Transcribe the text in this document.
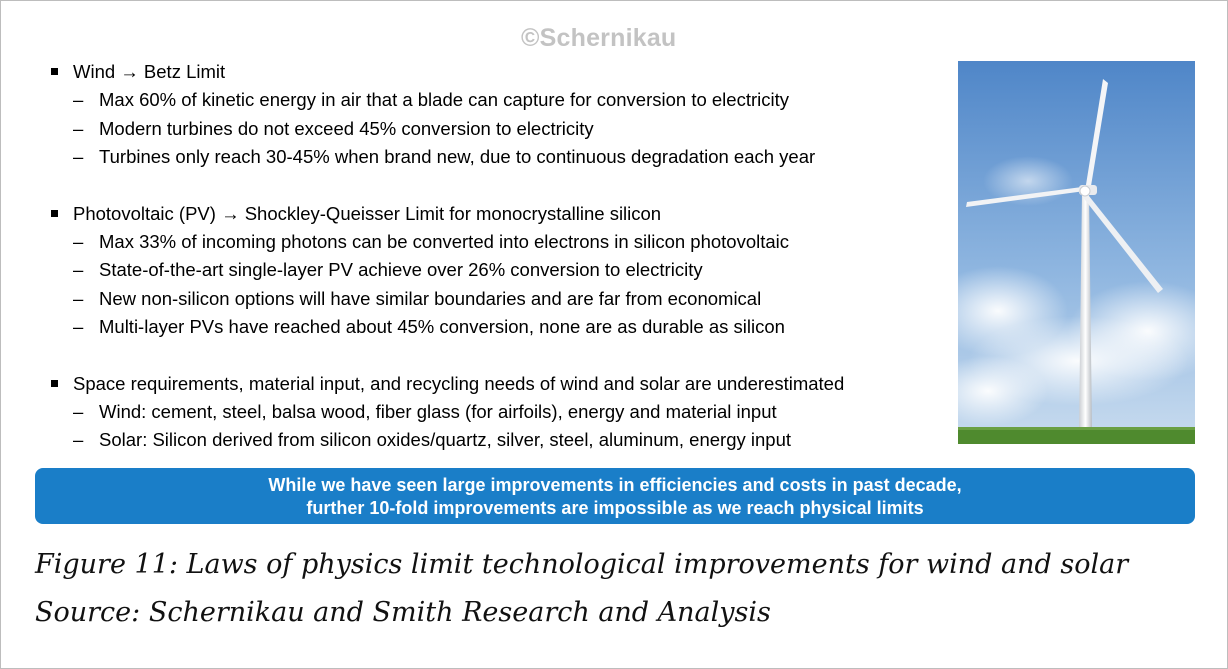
©Schernikau
Wind → Betz Limit
– Max 60% of kinetic energy in air that a blade can capture for conversion to electricity
– Modern turbines do not exceed 45% conversion to electricity
– Turbines only reach 30-45% when brand new, due to continuous degradation each year
Photovoltaic (PV) → Shockley-Queisser Limit for monocrystalline silicon
– Max 33% of incoming photons can be converted into electrons in silicon photovoltaic
– State-of-the-art single-layer PV achieve over 26% conversion to electricity
– New non-silicon options will have similar boundaries and are far from economical
– Multi-layer PVs have reached about 45% conversion, none are as durable as silicon
Space requirements, material input, and recycling needs of wind and solar are underestimated
– Wind: cement, steel, balsa wood, fiber glass (for airfoils), energy and material input
– Solar: Silicon derived from silicon oxides/quartz, silver, steel, aluminum, energy input
While we have seen large improvements in efficiencies and costs in past decade,
further 10-fold improvements are impossible as we reach physical limits
Figure 11: Laws of physics limit technological improvements for wind and solar
Source: Schernikau and Smith Research and Analysis
